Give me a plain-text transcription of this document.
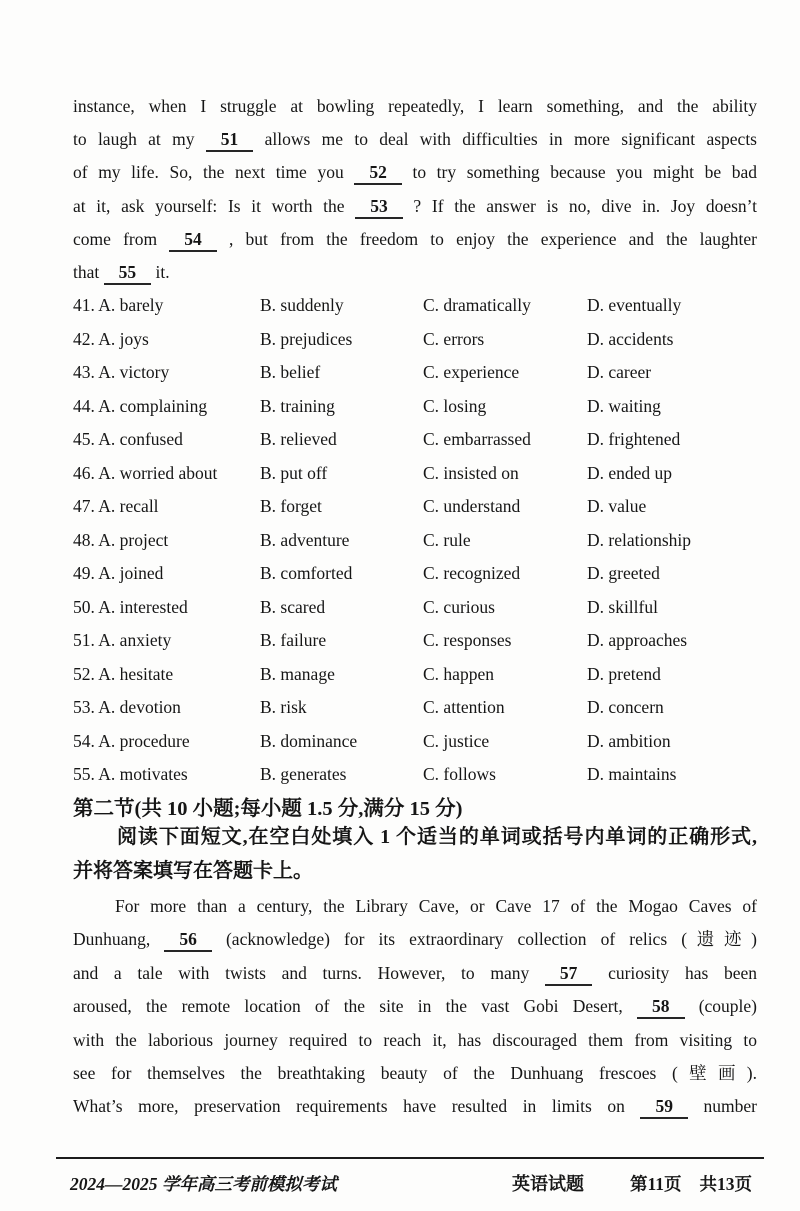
instance, when I struggle at bowling repeatedly, I learn something, and the ability
to laugh at my 51 allows me to deal with difficulties in more significant aspects
of my life. So, the next time you 52 to try something because you might be bad
at it, ask yourself: Is it worth the 53 ? If the answer is no, dive in. Joy doesn’t
come from 54 , but from the freedom to enjoy the experience and the laughter
that 55 it.
41. A. barely	B. suddenly	C. dramatically	D. eventually
42. A. joys	B. prejudices	C. errors	D. accidents
43. A. victory	B. belief	C. experience	D. career
44. A. complaining	B. training	C. losing	D. waiting
45. A. confused	B. relieved	C. embarrassed	D. frightened
46. A. worried about	B. put off	C. insisted on	D. ended up
47. A. recall	B. forget	C. understand	D. value
48. A. project	B. adventure	C. rule	D. relationship
49. A. joined	B. comforted	C. recognized	D. greeted
50. A. interested	B. scared	C. curious	D. skillful
51. A. anxiety	B. failure	C. responses	D. approaches
52. A. hesitate	B. manage	C. happen	D. pretend
53. A. devotion	B. risk	C. attention	D. concern
54. A. procedure	B. dominance	C. justice	D. ambition
55. A. motivates	B. generates	C. follows	D. maintains
第二节(共 10 小题;每小题 1.5 分,满分 15 分)
阅读下面短文,在空白处填入 1 个适当的单词或括号内单词的正确形式,
并将答案填写在答题卡上。
For more than a century, the Library Cave, or Cave 17 of the Mogao Caves of
Dunhuang, 56 (acknowledge) for its extraordinary collection of relics (遗迹)
and a tale with twists and turns. However, to many 57 curiosity has been
aroused, the remote location of the site in the vast Gobi Desert, 58 (couple)
with the laborious journey required to reach it, has discouraged them from visiting to
see for themselves the breathtaking beauty of the Dunhuang frescoes (壁画).
What’s more, preservation requirements have resulted in limits on 59 number
2024—2025 学年高三考前模拟考试	英语试题	第11页 共13页
